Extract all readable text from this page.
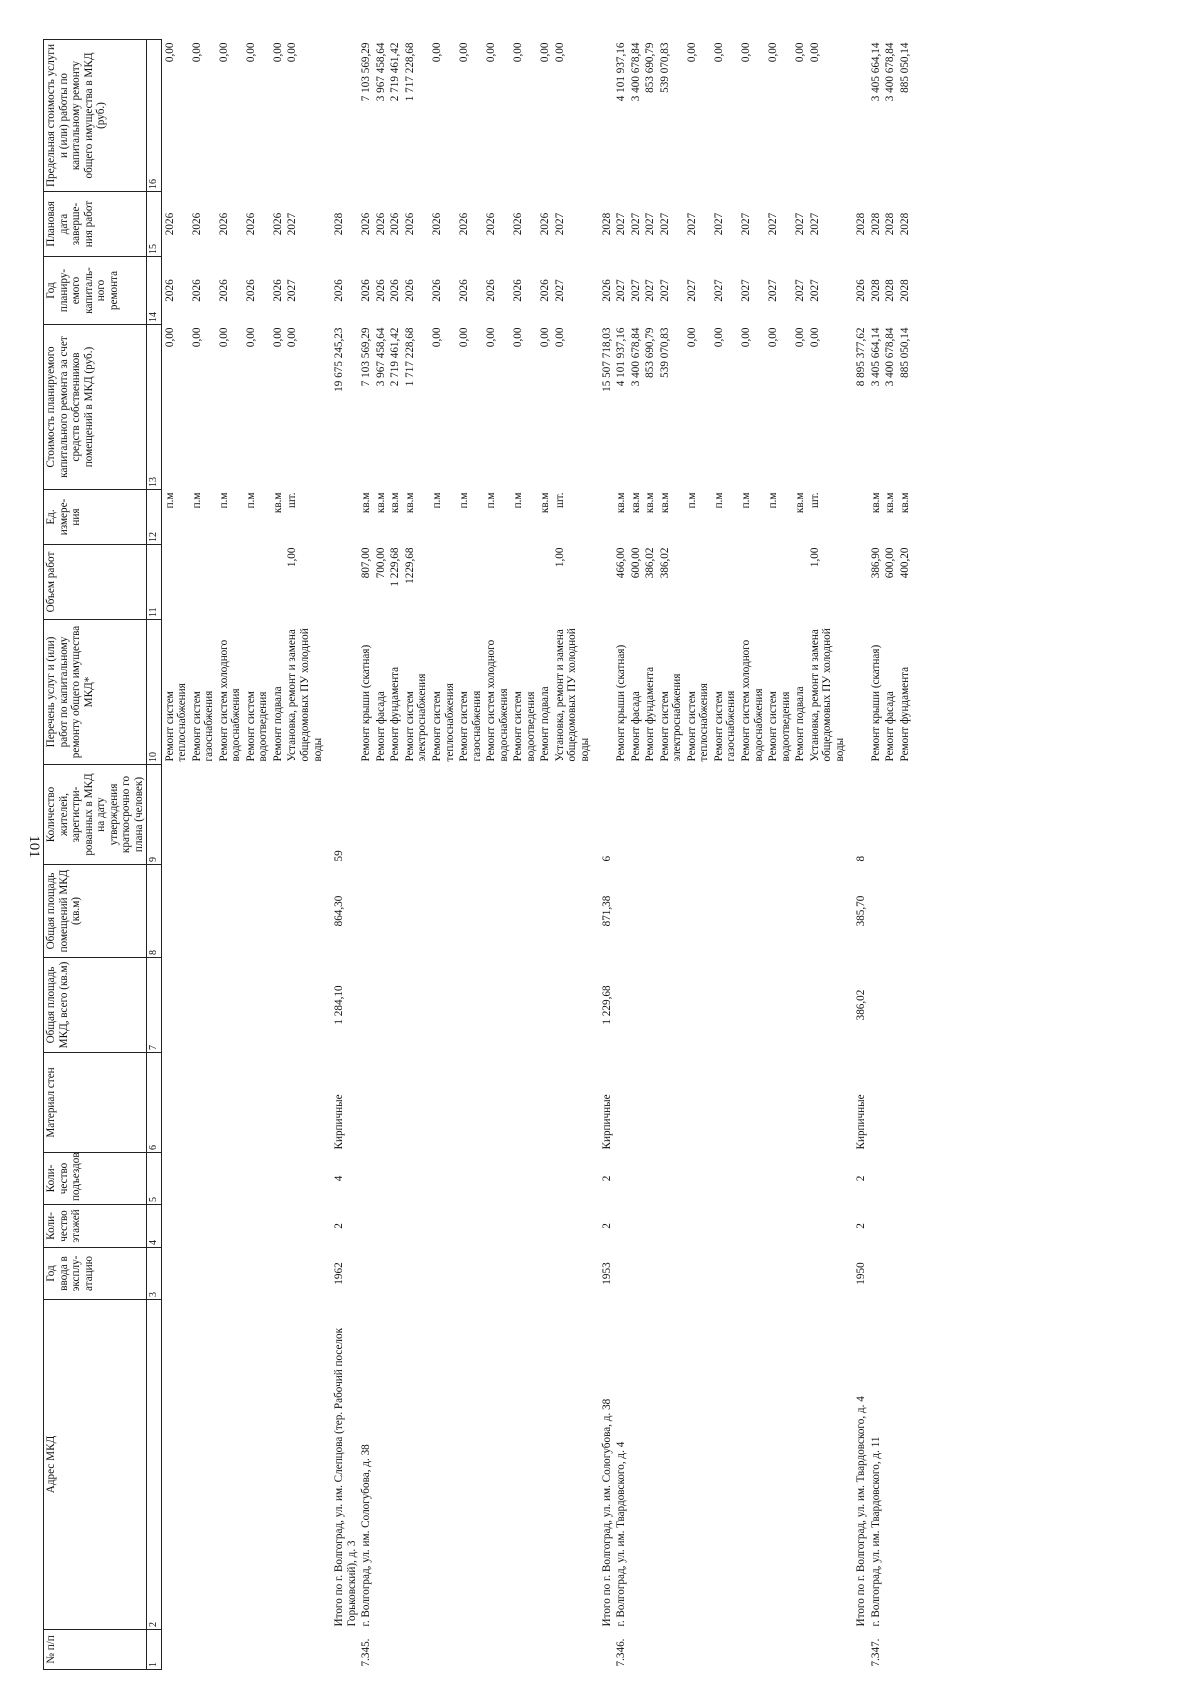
101
№ п/п	Адрес МКД	Год ввода в эксплу-атацию	Коли-чество этажей	Коли-чество подъездов	Материал стен	Общая площадь МКД, всего (кв.м)	Общая площадь помещений МКД (кв.м)	Количество жителей, зарегистри-рованных в МКД на дату утверждения краткосрочно го плана (человек)	Перечень услуг и (или) работ по капитальному ремонту общего имущества МКД*	Объем работ	Ед. измере-ния	Стоимость планируемого капитального ремонта за счет средств собственников помещений в МКД (руб.)	Год планиру-емого капиталь-ного ремонта	Плановая дата заверше-ния работ	Предельная стоимость услуги и (или) работы по капитальному ремонту общего имущества в МКД (руб.)
1	2	3	4	5	6	7	8	9	10	11	12	13	14	15	16
									Ремонт систем теплоснабжения		п.м	0,00	2026	2026	0,00
									Ремонт систем газоснабжения		п.м	0,00	2026	2026	0,00
									Ремонт систем холодного водоснабжения		п.м	0,00	2026	2026	0,00
									Ремонт систем водоотведения		п.м	0,00	2026	2026	0,00
									Ремонт подвала		кв.м	0,00	2026	2026	0,00
									Установка, ремонт и замена общедомовых ПУ холодной воды	1,00	шт.	0,00	2027	2027	0,00
	Итого по г. Волгоград, ул. им. Слепцова (тер. Рабочий поселок Горьковский), д. 3	1962	2	4	Кирпичные	1 284,10	864,30	59				19 675 245,23	2026	2028	
7.345.	г. Волгоград, ул. им. Сологубова, д. 38								Ремонт крыши (скатная)	807,00	кв.м	7 103 569,29	2026	2026	7 103 569,29
									Ремонт фасада	700,00	кв.м	3 967 458,64	2026	2026	3 967 458,64
									Ремонт фундамента	1 229,68	кв.м	2 719 461,42	2026	2026	2 719 461,42
									Ремонт систем электроснабжения	1229,68	кв.м	1 717 228,68	2026	2026	1 717 228,68
									Ремонт систем теплоснабжения		п.м	0,00	2026	2026	0,00
									Ремонт систем газоснабжения		п.м	0,00	2026	2026	0,00
									Ремонт систем холодного водоснабжения		п.м	0,00	2026	2026	0,00
									Ремонт систем водоотведения		п.м	0,00	2026	2026	0,00
									Ремонт подвала		кв.м	0,00	2026	2026	0,00
									Установка, ремонт и замена общедомовых ПУ холодной воды	1,00	шт.	0,00	2027	2027	0,00
	Итого по г. Волгоград, ул. им. Сологубова, д. 38	1953	2	2	Кирпичные	1 229,68	871,38	6				15 507 718,03	2026	2028	
7.346.	г. Волгоград, ул. им. Твардовского, д. 4								Ремонт крыши (скатная)	466,00	кв.м	4 101 937,16	2027	2027	4 101 937,16
									Ремонт фасада	600,00	кв.м	3 400 678,84	2027	2027	3 400 678,84
									Ремонт фундамента	386,02	кв.м	853 690,79	2027	2027	853 690,79
									Ремонт систем электроснабжения	386,02	кв.м	539 070,83	2027	2027	539 070,83
									Ремонт систем теплоснабжения		п.м	0,00	2027	2027	0,00
									Ремонт систем газоснабжения		п.м	0,00	2027	2027	0,00
									Ремонт систем холодного водоснабжения		п.м	0,00	2027	2027	0,00
									Ремонт систем водоотведения		п.м	0,00	2027	2027	0,00
									Ремонт подвала		кв.м	0,00	2027	2027	0,00
									Установка, ремонт и замена общедомовых ПУ холодной воды	1,00	шт.	0,00	2027	2027	0,00
	Итого по г. Волгоград, ул. им. Твардовского, д. 4	1950	2	2	Кирпичные	386,02	385,70	8				8 895 377,62	2026	2028	
7.347.	г. Волгоград, ул. им. Твардовского, д. 11								Ремонт крыши (скатная)	386,90	кв.м	3 405 664,14	2028	2028	3 405 664,14
									Ремонт фасада	600,00	кв.м	3 400 678,84	2028	2028	3 400 678,84
									Ремонт фундамента	400,20	кв.м	885 050,14	2028	2028	885 050,14
